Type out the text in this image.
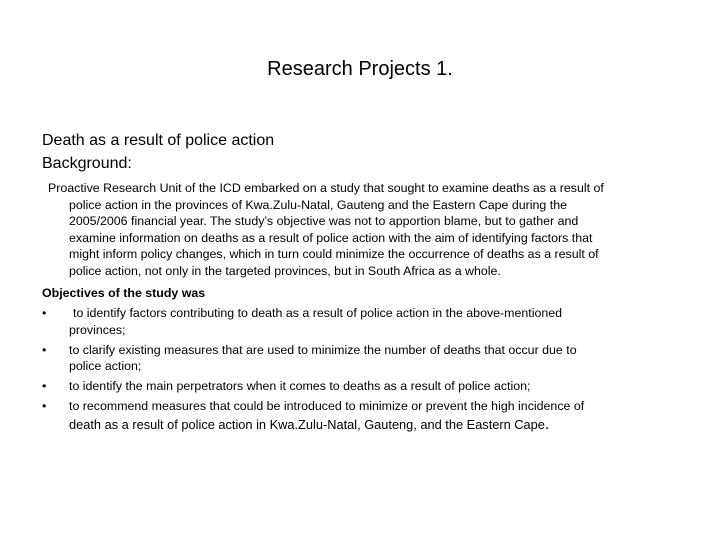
Research Projects 1.
Death as a result of police action
Background:
Proactive Research Unit of the ICD embarked on a study that sought to examine deaths as a result of
police action in the provinces of Kwa.Zulu-Natal, Gauteng and the Eastern Cape during the
2005/2006 financial year. The study’s objective was not to apportion blame, but to gather and
examine information on deaths as a result of police action with the aim of identifying factors that
might inform policy changes, which in turn could minimize the occurrence of deaths as a result of
police action, not only in the targeted provinces, but in South Africa as a whole.
Objectives of the study was
•	to identify factors contributing to death as a result of police action in the above-mentioned
provinces;
•	to clarify existing measures that are used to minimize the number of deaths that occur due to
police action;
•	to identify the main perpetrators when it comes to deaths as a result of police action;
•	to recommend measures that could be introduced to minimize or prevent the high incidence of
death as a result of police action in Kwa.Zulu-Natal, Gauteng, and the Eastern Cape.
